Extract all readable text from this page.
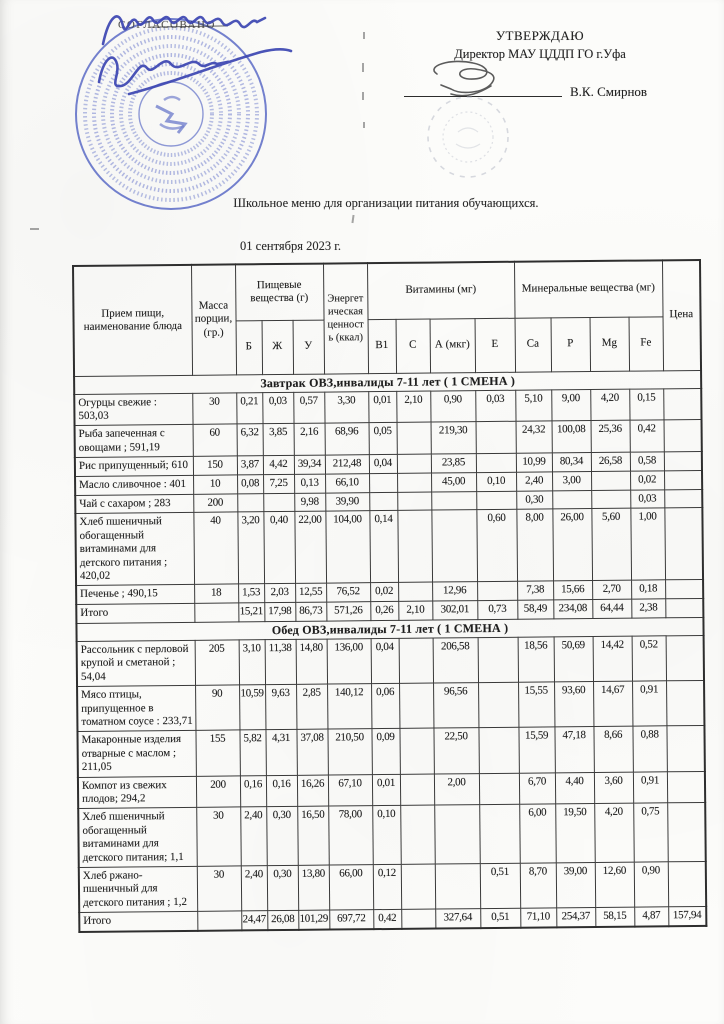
СОГЛАСОВАНО
УТВЕРЖДАЮ
Директор МАУ ЦДДП ГО г.Уфа
В.К. Смирнов
Школьное меню для организации питания обучающихся.
01 сентября 2023 г.
Прием пищи, наименование блюда	Масса порции, (гр.)	Пищевые вещества (г)			Энергетическая ценность (ккал)	Витамины (мг)				Минеральные вещества (мг)				Цена
		Б	Ж	У		В1	С	А (мкг)	Е	Ca	P	Mg	Fe	
Завтрак ОВЗ,инвалиды 7-11 лет ( 1 СМЕНА )														
Огурцы свежие : 503,03	30	0,21	0,03	0,57	3,30	0,01	2,10	0,90	0,03	5,10	9,00	4,20	0,15	
Рыба запеченная с овощами ; 591,19	60	6,32	3,85	2,16	68,96	0,05		219,30		24,32	100,08	25,36	0,42	
Рис припущенный; 610	150	3,87	4,42	39,34	212,48	0,04		23,85		10,99	80,34	26,58	0,58	
Масло сливочное : 401	10	0,08	7,25	0,13	66,10			45,00	0,10	2,40	3,00		0,02	
Чай с сахаром ; 283	200			9,98	39,90					0,30			0,03	
Хлеб пшеничный обогащенный витаминами для детского питания ; 420,02	40	3,20	0,40	22,00	104,00	0,14			0,60	8,00	26,00	5,60	1,00	
Печенье ; 490,15	18	1,53	2,03	12,55	76,52	0,02		12,96		7,38	15,66	2,70	0,18	
Итого		15,21	17,98	86,73	571,26	0,26	2,10	302,01	0,73	58,49	234,08	64,44	2,38	
Обед ОВЗ,инвалиды 7-11 лет ( 1 СМЕНА )														
Рассольник с перловой крупой и сметаной ; 54,04	205	3,10	11,38	14,80	136,00	0,04		206,58		18,56	50,69	14,42	0,52	
Мясо птицы, припущенное в томатном соусе : 233,71	90	10,59	9,63	2,85	140,12	0,06		96,56		15,55	93,60	14,67	0,91	
Макаронные изделия отварные с маслом ; 211,05	155	5,82	4,31	37,08	210,50	0,09		22,50		15,59	47,18	8,66	0,88	
Компот из свежих плодов; 294,2	200	0,16	0,16	16,26	67,10	0,01		2,00		6,70	4,40	3,60	0,91	
Хлеб пшеничный обогащенный витаминами для детского питания; 1,1	30	2,40	0,30	16,50	78,00	0,10				6,00	19,50	4,20	0,75	
Хлеб ржано-пшеничный для детского питания ; 1,2	30	2,40	0,30	13,80	66,00	0,12			0,51	8,70	39,00	12,60	0,90	
Итого		24,47	26,08	101,29	697,72	0,42		327,64	0,51	71,10	254,37	58,15	4,87	157,94
